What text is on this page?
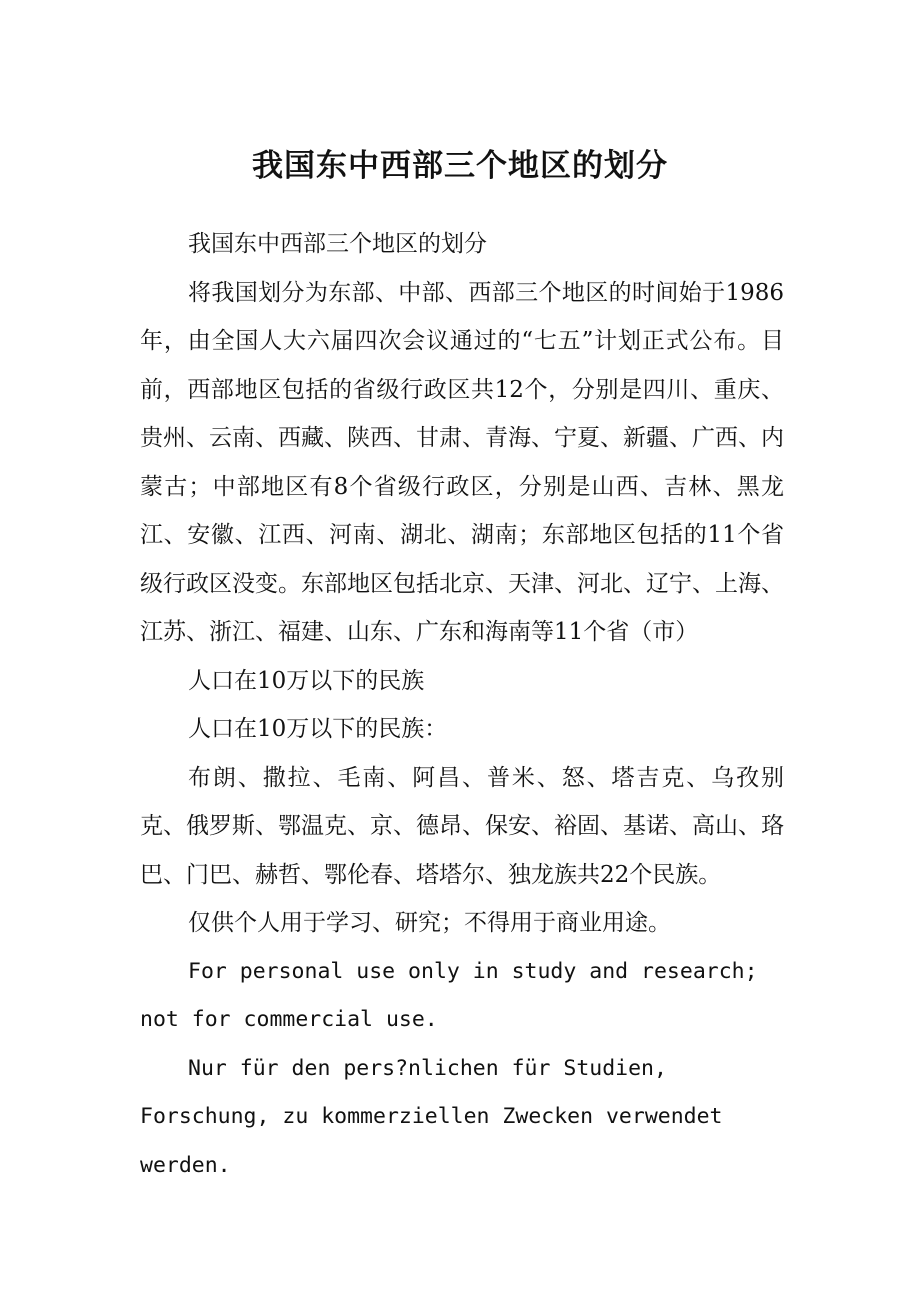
我国东中西部三个地区的划分

我国东中西部三个地区的划分

将我国划分为东部、中部、西部三个地区的时间始于1986年，由全国人大六届四次会议通过的“七五”计划正式公布。目前，西部地区包括的省级行政区共12个，分别是四川、重庆、贵州、云南、西藏、陕西、甘肃、青海、宁夏、新疆、广西、内蒙古；中部地区有8个省级行政区，分别是山西、吉林、黑龙江、安徽、江西、河南、湖北、湖南；东部地区包括的11个省级行政区没变。东部地区包括北京、天津、河北、辽宁、上海、江苏、浙江、福建、山东、广东和海南等11个省（市）

人口在10万以下的民族

人口在10万以下的民族：

布朗、撒拉、毛南、阿昌、普米、怒、塔吉克、乌孜别克、俄罗斯、鄂温克、京、德昂、保安、裕固、基诺、高山、珞巴、门巴、赫哲、鄂伦春、塔塔尔、独龙族共22个民族。

仅供个人用于学习、研究；不得用于商业用途。

For personal use only in study and research; not for commercial use.

Nur für den pers?nlichen für Studien, Forschung, zu kommerziellen Zwecken verwendet werden.
